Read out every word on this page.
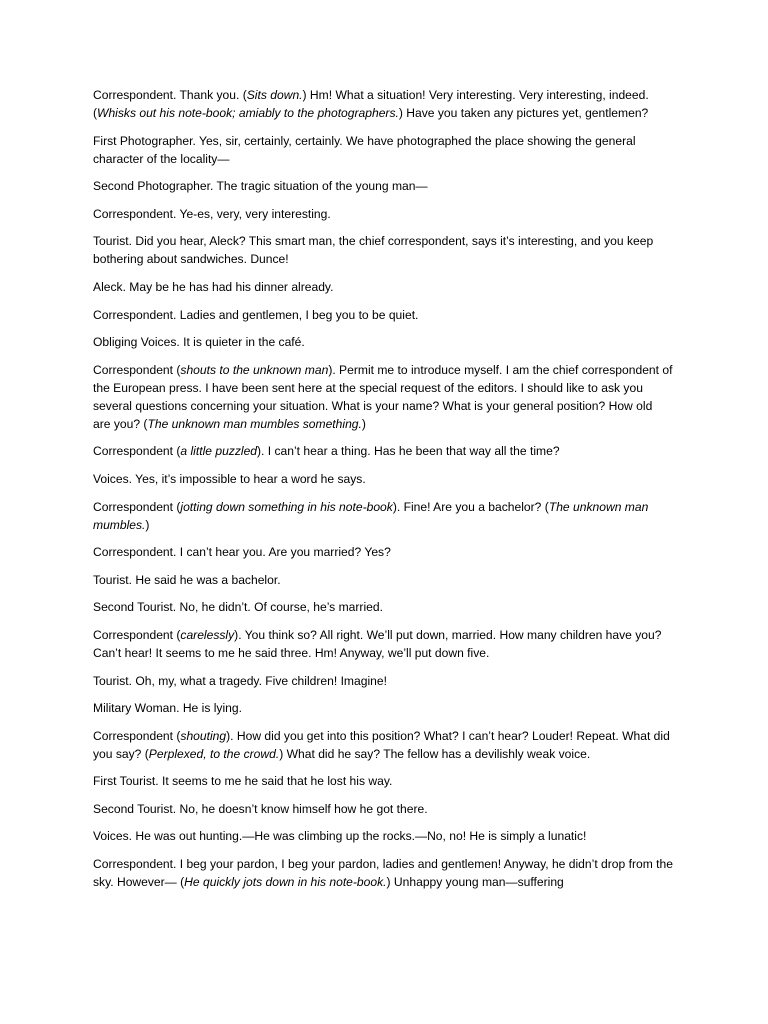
Correspondent. Thank you. (Sits down.) Hm! What a situation! Very interesting. Very interesting, indeed. (Whisks out his note-book; amiably to the photographers.) Have you taken any pictures yet, gentlemen?

First Photographer. Yes, sir, certainly, certainly. We have photographed the place showing the general character of the locality—

Second Photographer. The tragic situation of the young man—

Correspondent. Ye-es, very, very interesting.

Tourist. Did you hear, Aleck? This smart man, the chief correspondent, says it’s interesting, and you keep bothering about sandwiches. Dunce!

Aleck. May be he has had his dinner already.

Correspondent. Ladies and gentlemen, I beg you to be quiet.

Obliging Voices. It is quieter in the café.

Correspondent (shouts to the unknown man). Permit me to introduce myself. I am the chief correspondent of the European press. I have been sent here at the special request of the editors. I should like to ask you several questions concerning your situation. What is your name? What is your general position? How old are you? (The unknown man mumbles something.)

Correspondent (a little puzzled). I can’t hear a thing. Has he been that way all the time?

Voices. Yes, it’s impossible to hear a word he says.

Correspondent (jotting down something in his note-book). Fine! Are you a bachelor? (The unknown man mumbles.)

Correspondent. I can’t hear you. Are you married? Yes?

Tourist. He said he was a bachelor.

Second Tourist. No, he didn’t. Of course, he’s married.

Correspondent (carelessly). You think so? All right. We’ll put down, married. How many children have you? Can’t hear! It seems to me he said three. Hm! Anyway, we’ll put down five.

Tourist. Oh, my, what a tragedy. Five children! Imagine!

Military Woman. He is lying.

Correspondent (shouting). How did you get into this position? What? I can’t hear? Louder! Repeat. What did you say? (Perplexed, to the crowd.) What did he say? The fellow has a devilishly weak voice.

First Tourist. It seems to me he said that he lost his way.

Second Tourist. No, he doesn’t know himself how he got there.

Voices. He was out hunting.—He was climbing up the rocks.—No, no! He is simply a lunatic!

Correspondent. I beg your pardon, I beg your pardon, ladies and gentlemen! Anyway, he didn’t drop from the sky. However— (He quickly jots down in his note-book.) Unhappy young man—suffering
